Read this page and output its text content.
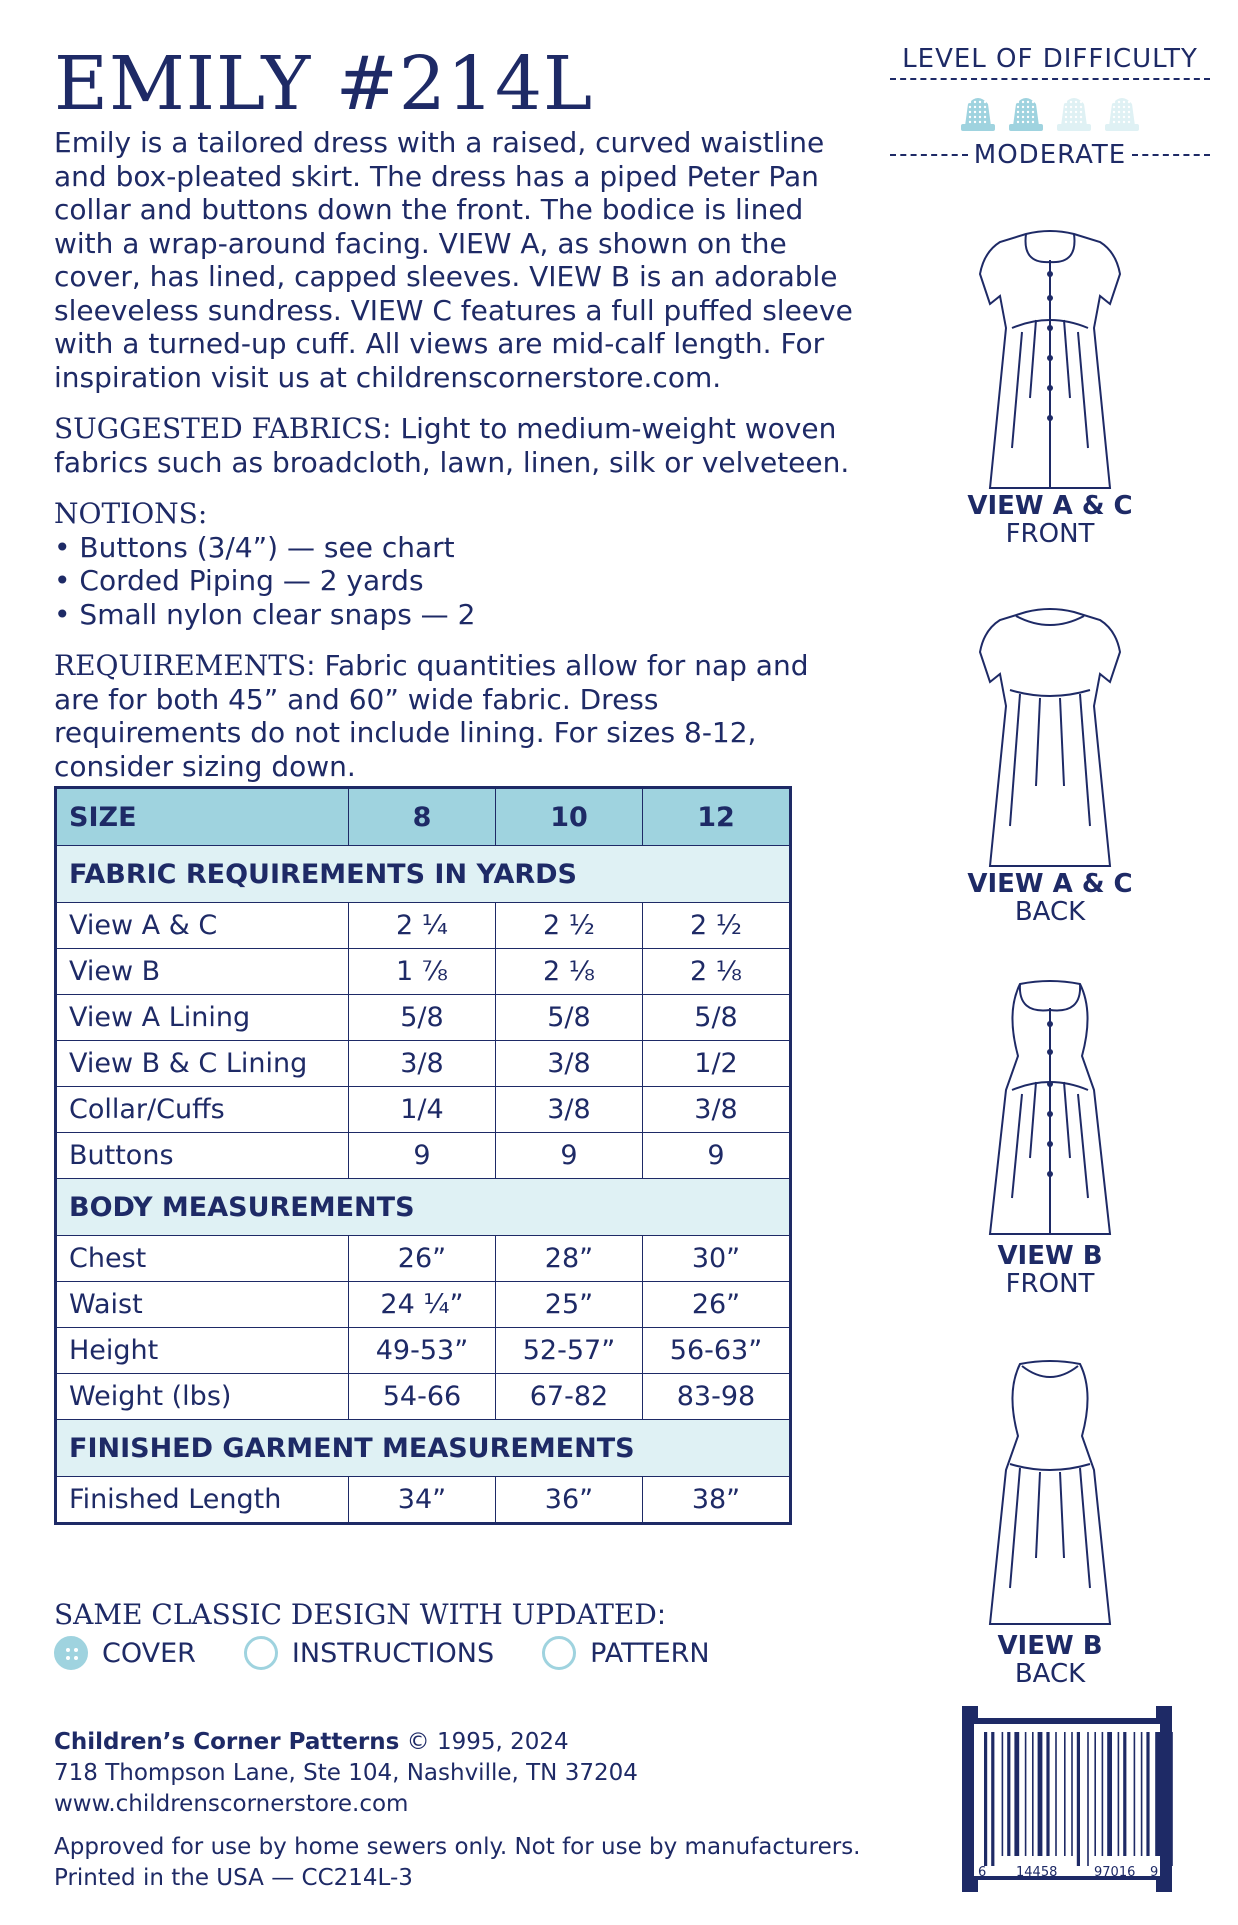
EMILY #214L

Emily is a tailored dress with a raised, curved waistline and box-pleated skirt. The dress has a piped Peter Pan collar and buttons down the front. The bodice is lined with a wrap-around facing. VIEW A, as shown on the cover, has lined, capped sleeves. VIEW B is an adorable sleeveless sundress. VIEW C features a full puffed sleeve with a turned-up cuff. All views are mid-calf length. For inspiration visit us at childrenscornerstore.com.

SUGGESTED FABRICS: Light to medium-weight woven fabrics such as broadcloth, lawn, linen, silk or velveteen.

NOTIONS:

• Buttons (3/4”) — see chart

• Corded Piping — 2 yards

• Small nylon clear snaps — 2

REQUIREMENTS: Fabric quantities allow for nap and are for both 45” and 60” wide fabric. Dress requirements do not include lining. For sizes 8-12, consider sizing down.

SIZE	8	10	12
FABRIC REQUIREMENTS IN YARDS			
View A & C	2 ¼	2 ½	2 ½
View B	1 ⅞	2 ⅛	2 ⅛
View A Lining	5/8	5/8	5/8
View B & C Lining	3/8	3/8	1/2
Collar/Cuffs	1/4	3/8	3/8
Buttons	9	9	9
BODY MEASUREMENTS			
Chest	26”	28”	30”
Waist	24 ¼”	25”	26”
Height	49-53”	52-57”	56-63”
Weight (lbs)	54-66	67-82	83-98
FINISHED GARMENT MEASUREMENTS			
Finished Length	34”	36”	38”
SAME CLASSIC DESIGN WITH UPDATED:
COVER	INSTRUCTIONS	PATTERN
Children’s Corner Patterns © 1995, 2024
718 Thompson Lane, Ste 104, Nashville, TN 37204
www.childrenscornerstore.com
Approved for use by home sewers only. Not for use by manufacturers.
Printed in the USA — CC214L-3
LEVEL OF DIFFICULTY
MODERATE
VIEW A & C
FRONT
VIEW A & C
BACK
VIEW B
FRONT
VIEW B
BACK
6 14458	97016 9
